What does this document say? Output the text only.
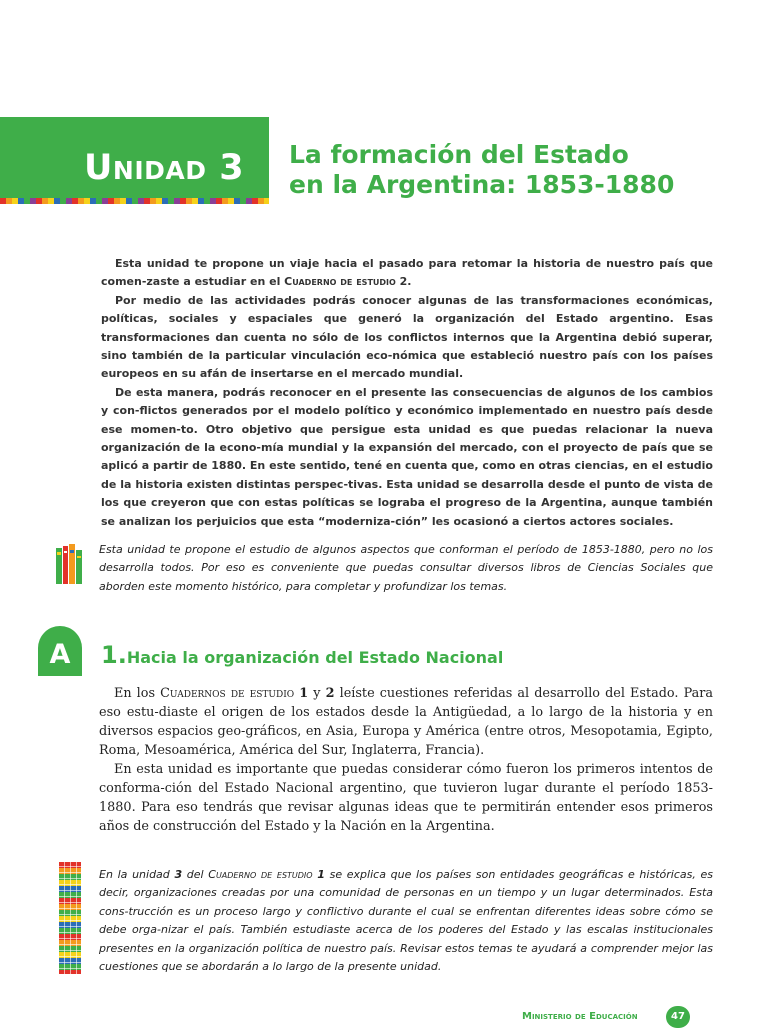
UNIDAD 3 La formación del Estado
en la Argentina: 1853-1880

Esta unidad te propone un viaje hacia el pasado para retomar la historia de nuestro país que comen-zaste a estudiar en el Cuaderno de estudio 2.

Por medio de las actividades podrás conocer algunas de las transformaciones económicas, políticas, sociales y espaciales que generó la organización del Estado argentino. Esas transformaciones dan cuenta no sólo de los conflictos internos que la Argentina debió superar, sino también de la particular vinculación eco-nómica que estableció nuestro país con los países europeos en su afán de insertarse en el mercado mundial.

De esta manera, podrás reconocer en el presente las consecuencias de algunos de los cambios y con-flictos generados por el modelo político y económico implementado en nuestro país desde ese momen-to. Otro objetivo que persigue esta unidad es que puedas relacionar la nueva organización de la econo-mía mundial y la expansión del mercado, con el proyecto de país que se aplicó a partir de 1880. En este sentido, tené en cuenta que, como en otras ciencias, en el estudio de la historia existen distintas perspec-tivas. Esta unidad se desarrolla desde el punto de vista de los que creyeron que con estas políticas se lograba el progreso de la Argentina, aunque también se analizan los perjuicios que esta “moderniza-ción” les ocasionó a ciertos actores sociales.

Esta unidad te propone el estudio de algunos aspectos que conforman el período de 1853-1880, pero no los desarrolla todos. Por eso es conveniente que puedas consultar diversos libros de Ciencias Sociales que aborden este momento histórico, para completar y profundizar los temas.

A	1.Hacia la organización del Estado Nacional

En los Cuadernos de estudio 1 y 2 leíste cuestiones referidas al desarrollo del Estado. Para eso estu-diaste el origen de los estados desde la Antigüedad, a lo largo de la historia y en diversos espacios geo-gráficos, en Asia, Europa y América (entre otros, Mesopotamia, Egipto, Roma, Mesoamérica, América del Sur, Inglaterra, Francia).

En esta unidad es importante que puedas considerar cómo fueron los primeros intentos de conforma-ción del Estado Nacional argentino, que tuvieron lugar durante el período 1853-1880. Para eso tendrás que revisar algunas ideas que te permitirán entender esos primeros años de construcción del Estado y la Nación en la Argentina.

En la unidad 3 del Cuaderno de estudio 1 se explica que los países son entidades geográficas e históricas, es decir, organizaciones creadas por una comunidad de personas en un tiempo y un lugar determinados. Esta cons-trucción es un proceso largo y conflictivo durante el cual se enfrentan diferentes ideas sobre cómo se debe orga-nizar el país. También estudiaste acerca de los poderes del Estado y las escalas institucionales presentes en la organización política de nuestro país. Revisar estos temas te ayudará a comprender mejor las cuestiones que se abordarán a lo largo de la presente unidad.

Ministerio de Educación	47
